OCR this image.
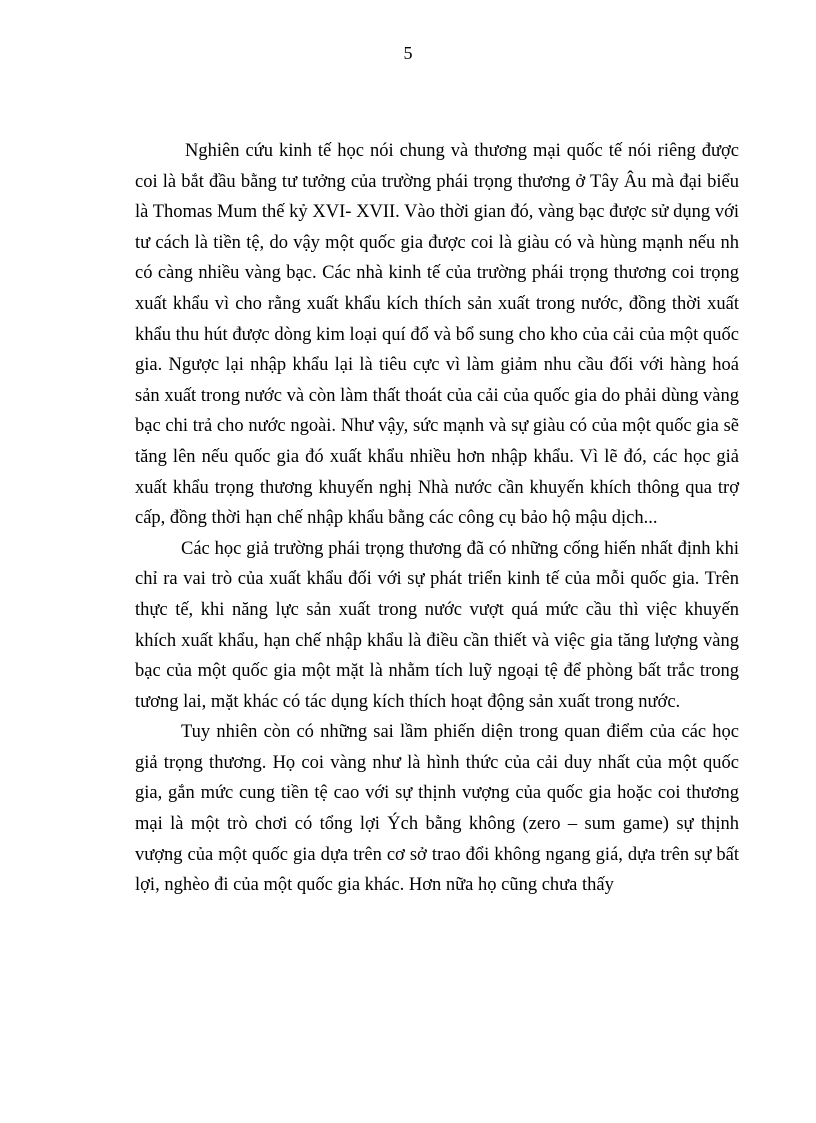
5

Nghiên cứu kinh tế học nói chung và thương mại quốc tế nói riêng được coi là bắt đầu bằng tư tưởng của trường phái trọng thương ở Tây Âu mà đại biểu là Thomas Mum thế kỷ XVI- XVII. Vào thời gian đó, vàng bạc được sử dụng với tư cách là tiền tệ, do vậy một quốc gia được coi là giàu có và hùng mạnh nếu nh có càng nhiều vàng bạc. Các nhà kinh tế của trường phái trọng thương coi trọng xuất khẩu vì cho rằng xuất khẩu kích thích sản xuất trong nước, đồng thời xuất khẩu thu hút được dòng kim loại quí đổ và bổ sung cho kho của cải của một quốc gia. Ngược lại nhập khẩu lại là tiêu cực vì làm giảm nhu cầu đối với hàng hoá sản xuất trong nước và còn làm thất thoát của cải của quốc gia do phải dùng vàng bạc chi trả cho nước ngoài. Như vậy, sức mạnh và sự giàu có của một quốc gia sẽ tăng lên nếu quốc gia đó xuất khẩu nhiều hơn nhập khẩu. Vì lẽ đó, các học giả xuất khẩu trọng thương khuyến nghị Nhà nước cần khuyến khích thông qua trợ cấp, đồng thời hạn chế nhập khẩu bằng các công cụ bảo hộ mậu dịch...

Các học giả trường phái trọng thương đã có những cống hiến nhất định khi chỉ ra vai trò của xuất khẩu đối với sự phát triển kinh tế của mỗi quốc gia. Trên thực tế, khi năng lực sản xuất trong nước vượt quá mức cầu thì việc khuyến khích xuất khẩu, hạn chế nhập khẩu là điều cần thiết và việc gia tăng lượng vàng bạc của một quốc gia một mặt là nhằm tích luỹ ngoại tệ để phòng bất trắc trong tương lai, mặt khác có tác dụng kích thích hoạt động sản xuất trong nước.

Tuy nhiên còn có những sai lầm phiến diện trong quan điểm của các học giả trọng thương. Họ coi vàng như là hình thức của cải duy nhất của một quốc gia, gắn mức cung tiền tệ cao với sự thịnh vượng của quốc gia hoặc coi thương mại là một trò chơi có tổng lợi Ých bằng không (zero – sum game) sự thịnh vượng của một quốc gia dựa trên cơ sở trao đổi không ngang giá, dựa trên sự bất lợi, nghèo đi của một quốc gia khác. Hơn nữa họ cũng chưa thấy
